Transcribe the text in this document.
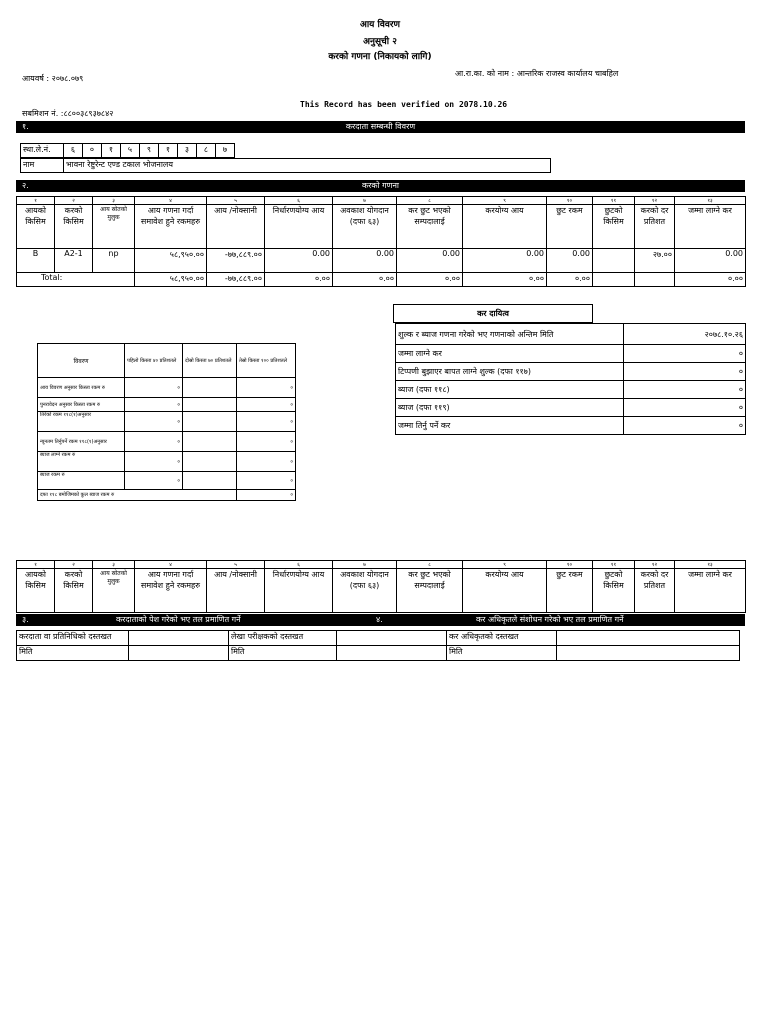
आय विवरण
अनुसूची २
करको गणना (निकायको लागि)
आयवर्ष : २०७८.०७९
आ.रा.का. को नाम : आन्तरिक राजस्व कार्यालय चाबहिल
सबमिशन नं. :८८००३८९३७८४२
This Record has been verified on 2078.10.26
१.	करदाता सम्बन्धी विवरण
स्था.ले.नं.	६	०	१	५	९	१	३	८	७
नाम	भावना रेष्टुरेन्ट एण्ड टकाल भोजनालय
२.	करको गणना
१	२	३	४	५	६	७	८	९	१०	११	१२	१३
आयको किसिम	करको किसिम	आय स्रोतको मुलुक	आय गणना गर्दा समावेश हुने रकमहरु	आय /नोक्सानी	निर्धारणयोग्य आय	अवकाश योगदान (दफा ६३)	कर छुट भएको सम्पदालाई	करयोग्य आय	छुट रकम	छुटको किसिम	करको दर प्रतिशत	जम्मा लाग्ने कर
B	A2-1	np	५८,९५०.००	-७७,८८९.००	0.00	0.00	0.00	0.00	0.00		२७.००	0.00
Total:			५८,९५०.००	-७७,८८९.००	०.००	०.००	०.००	०.००	०.००			०.००
कर दायित्व
शुल्क र ब्याज गणना गरेको भए गणनाको अन्तिम मिति	२०७८.१०.२६
जम्मा लाग्ने कर	०
टिप्पणी बुझाएर बापत लाग्ने शुल्क (दफा ११७)	०
ब्याज (दफा ११८)	०
ब्याज (दफा ११९)	०
जम्मा तिर्नु पर्ने कर	०
विवरण	पहिलो किस्ता ४० प्रतिशतले	दोस्रो किस्ता ७० प्रतिशतले	तेस्रो किस्ता १०० प्रतिशतले
आय विवरण अनुसार किस्ता रकम रु	०		०
पुनरावेदन अनुसार किस्ता रकम रु	०		०
तिरेको रकम ११८(१)अनुसार	०		०
न्यूनतम तिर्नुपर्ने रकम ११८(१)अनुसार	०		०
ब्याज लाग्ने रकम रु	०		०
ब्याज रकम रु	०		०
दफा ११८ बमोजिमको कुल ब्याज रकम रु			०
१	२	३	४	५	६	७	८	९	१०	११	१२	१३
आयको किसिम	करको किसिम	आय स्रोतको मुलुक	आय गणना गर्दा समावेश हुने रकमहरु	आय /नोक्सानी	निर्धारणयोग्य आय	अवकाश योगदान (दफा ६३)	कर छुट भएको सम्पदालाई	करयोग्य आय	छुट रकम	छुटको किसिम	करको दर प्रतिशत	जम्मा लाग्ने कर
३.	करदाताको पेश गरेको भए तल प्रमाणित गर्ने	४.	कर अधिकृतले संशोधन गरेको भए तल प्रमाणित गर्ने
करदाता वा प्रतिनिधिको दस्तखत		लेखा परीक्षकको दस्तखत		कर अधिकृतको दस्तखत	
मिति		मिति		मिति	
